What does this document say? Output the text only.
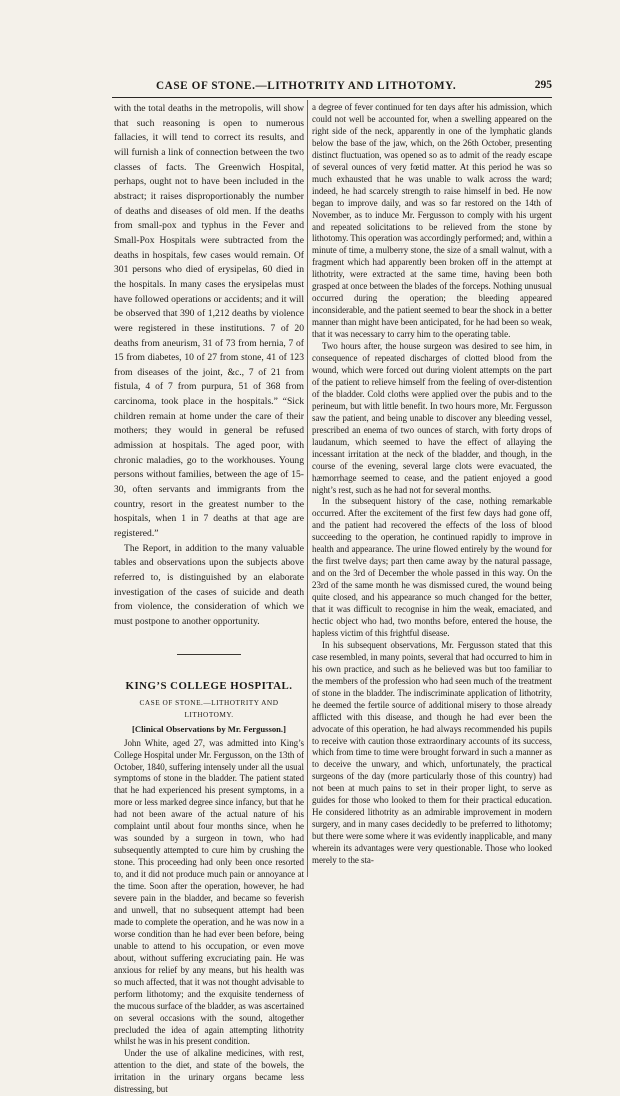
CASE OF STONE.—LITHOTRITY AND LITHOTOMY.	295

with the total deaths in the metropolis, will show that such reasoning is open to numerous fallacies, it will tend to correct its results, and will furnish a link of connection between the two classes of facts. The Greenwich Hospital, perhaps, ought not to have been included in the abstract; it raises disproportionably the number of deaths and diseases of old men. If the deaths from small-pox and typhus in the Fever and Small-Pox Hospitals were subtracted from the deaths in hospitals, few cases would remain. Of 301 persons who died of erysipelas, 60 died in the hospitals. In many cases the erysipelas must have followed operations or accidents; and it will be observed that 390 of 1,212 deaths by violence were registered in these institutions. 7 of 20 deaths from aneurism, 31 of 73 from hernia, 7 of 15 from diabetes, 10 of 27 from stone, 41 of 123 from diseases of the joint, &c., 7 of 21 from fistula, 4 of 7 from purpura, 51 of 368 from carcinoma, took place in the hospitals.” “Sick children remain at home under the care of their mothers; they would in general be refused admission at hospitals. The aged poor, with chronic maladies, go to the workhouses. Young persons without families, between the age of 15-30, often servants and immigrants from the country, resort in the greatest number to the hospitals, when 1 in 7 deaths at that age are registered.”

The Report, in addition to the many valuable tables and observations upon the subjects above referred to, is distinguished by an elaborate investigation of the cases of suicide and death from violence, the consideration of which we must postpone to another opportunity.

KING’S COLLEGE HOSPITAL.
CASE OF STONE.—LITHOTRITY AND LITHOTOMY.
[Clinical Observations by Mr. Fergusson.]

John White, aged 27, was admitted into King’s College Hospital under Mr. Fergusson, on the 13th of October, 1840, suffering intensely under all the usual symptoms of stone in the bladder. The patient stated that he had experienced his present symptoms, in a more or less marked degree since infancy, but that he had not been aware of the actual nature of his complaint until about four months since, when he was sounded by a surgeon in town, who had subsequently attempted to cure him by crushing the stone. This proceeding had only been once resorted to, and it did not produce much pain or annoyance at the time. Soon after the operation, however, he had severe pain in the bladder, and became so feverish and unwell, that no subsequent attempt had been made to complete the operation, and he was now in a worse condition than he had ever been before, being unable to attend to his occupation, or even move about, without suffering excruciating pain. He was anxious for relief by any means, but his health was so much affected, that it was not thought advisable to perform lithotomy; and the exquisite tenderness of the mucous surface of the bladder, as was ascertained on several occasions with the sound, altogether precluded the idea of again attempting lithotrity whilst he was in his present condition.

Under the use of alkaline medicines, with rest, attention to the diet, and state of the bowels, the irritation in the urinary organs became less distressing, but

a degree of fever continued for ten days after his admission, which could not well be accounted for, when a swelling appeared on the right side of the neck, apparently in one of the lymphatic glands below the base of the jaw, which, on the 26th October, presenting distinct fluctuation, was opened so as to admit of the ready escape of several ounces of very fœtid matter. At this period he was so much exhausted that he was unable to walk across the ward; indeed, he had scarcely strength to raise himself in bed. He now began to improve daily, and was so far restored on the 14th of November, as to induce Mr. Fergusson to comply with his urgent and repeated solicitations to be relieved from the stone by lithotomy. This operation was accordingly performed; and, within a minute of time, a mulberry stone, the size of a small walnut, with a fragment which had apparently been broken off in the attempt at lithotrity, were extracted at the same time, having been both grasped at once between the blades of the forceps. Nothing unusual occurred during the operation; the bleeding appeared inconsiderable, and the patient seemed to bear the shock in a better manner than might have been anticipated, for he had been so weak, that it was necessary to carry him to the operating table.

Two hours after, the house surgeon was desired to see him, in consequence of repeated discharges of clotted blood from the wound, which were forced out during violent attempts on the part of the patient to relieve himself from the feeling of over-distention of the bladder. Cold cloths were applied over the pubis and to the perineum, but with little benefit. In two hours more, Mr. Fergusson saw the patient, and being unable to discover any bleeding vessel, prescribed an enema of two ounces of starch, with forty drops of laudanum, which seemed to have the effect of allaying the incessant irritation at the neck of the bladder, and though, in the course of the evening, several large clots were evacuated, the hæmorrhage seemed to cease, and the patient enjoyed a good night’s rest, such as he had not for several months.

In the subsequent history of the case, nothing remarkable occurred. After the excitement of the first few days had gone off, and the patient had recovered the effects of the loss of blood succeeding to the operation, he continued rapidly to improve in health and appearance. The urine flowed entirely by the wound for the first twelve days; part then came away by the natural passage, and on the 3rd of December the whole passed in this way. On the 23rd of the same month he was dismissed cured, the wound being quite closed, and his appearance so much changed for the better, that it was difficult to recognise in him the weak, emaciated, and hectic object who had, two months before, entered the house, the hapless victim of this frightful disease.

In his subsequent observations, Mr. Fergusson stated that this case resembled, in many points, several that had occurred to him in his own practice, and such as he believed was but too familiar to the members of the profession who had seen much of the treatment of stone in the bladder. The indiscriminate application of lithotrity, he deemed the fertile source of additional misery to those already afflicted with this disease, and though he had ever been the advocate of this operation, he had always recommended his pupils to receive with caution those extraordinary accounts of its success, which from time to time were brought forward in such a manner as to deceive the unwary, and which, unfortunately, the practical surgeons of the day (more particularly those of this country) had not been at much pains to set in their proper light, to serve as guides for those who looked to them for their practical education. He considered lithotrity as an admirable improvement in modern surgery, and in many cases decidedly to be preferred to lithotomy; but there were some where it was evidently inapplicable, and many wherein its advantages were very questionable. Those who looked merely to the sta-
